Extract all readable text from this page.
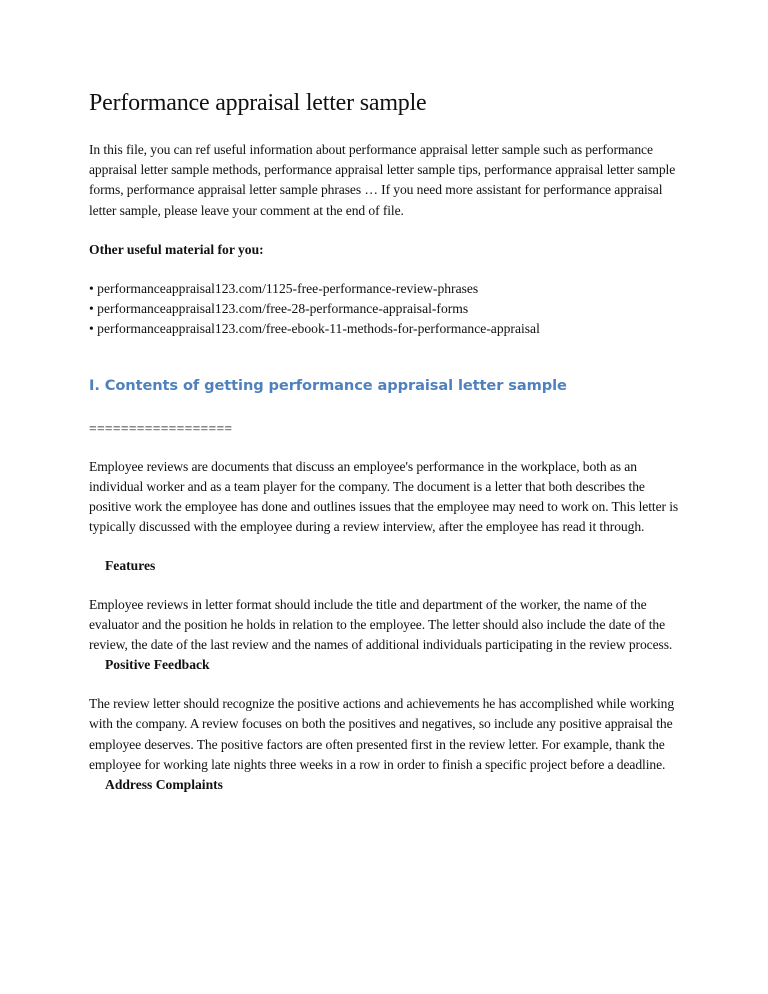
Performance appraisal letter sample

In this file, you can ref useful information about performance appraisal letter sample such as performance appraisal letter sample methods, performance appraisal letter sample tips, performance appraisal letter sample forms, performance appraisal letter sample phrases … If you need more assistant for performance appraisal letter sample, please leave your comment at the end of file.

Other useful material for you:

• performanceappraisal123.com/1125-free-performance-review-phrases
• performanceappraisal123.com/free-28-performance-appraisal-forms
• performanceappraisal123.com/free-ebook-11-methods-for-performance-appraisal
I. Contents of getting performance appraisal letter sample

==================

Employee reviews are documents that discuss an employee's performance in the workplace, both as an individual worker and as a team player for the company. The document is a letter that both describes the positive work the employee has done and outlines issues that the employee may need to work on. This letter is typically discussed with the employee during a review interview, after the employee has read it through.

Features

Employee reviews in letter format should include the title and department of the worker, the name of the evaluator and the position he holds in relation to the employee. The letter should also include the date of the review, the date of the last review and the names of additional individuals participating in the review process.

Positive Feedback

The review letter should recognize the positive actions and achievements he has accomplished while working with the company. A review focuses on both the positives and negatives, so include any positive appraisal the employee deserves. The positive factors are often presented first in the review letter. For example, thank the employee for working late nights three weeks in a row in order to finish a specific project before a deadline.

Address Complaints
